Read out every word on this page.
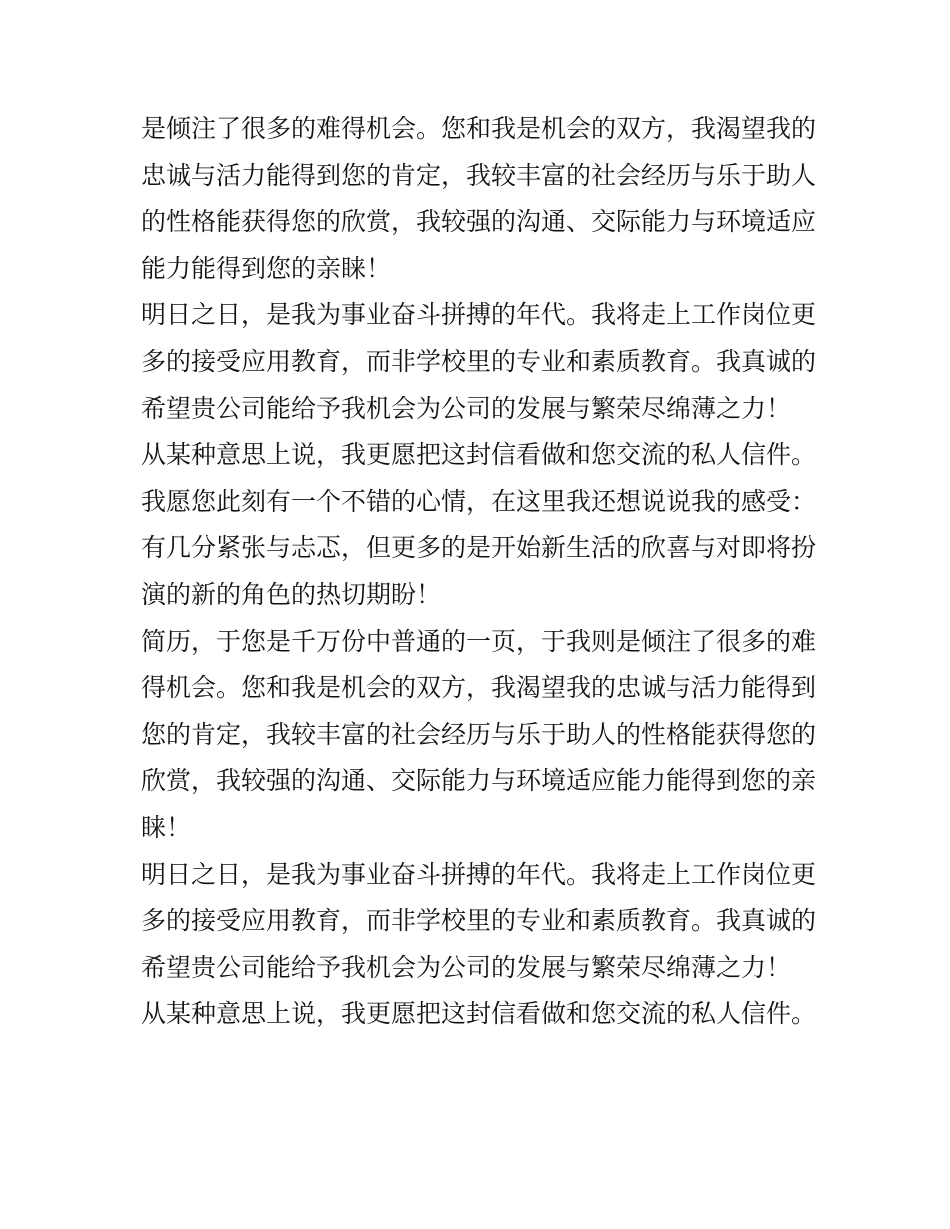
是倾注了很多的难得机会。您和我是机会的双方，我渴望我的
忠诚与活力能得到您的肯定，我较丰富的社会经历与乐于助人
的性格能获得您的欣赏，我较强的沟通、交际能力与环境适应
能力能得到您的亲睐！
明日之日，是我为事业奋斗拼搏的年代。我将走上工作岗位更
多的接受应用教育，而非学校里的专业和素质教育。我真诚的
希望贵公司能给予我机会为公司的发展与繁荣尽绵薄之力！
从某种意思上说，我更愿把这封信看做和您交流的私人信件。
我愿您此刻有一个不错的心情，在这里我还想说说我的感受：
有几分紧张与忐忑，但更多的是开始新生活的欣喜与对即将扮
演的新的角色的热切期盼！
简历，于您是千万份中普通的一页，于我则是倾注了很多的难
得机会。您和我是机会的双方，我渴望我的忠诚与活力能得到
您的肯定，我较丰富的社会经历与乐于助人的性格能获得您的
欣赏，我较强的沟通、交际能力与环境适应能力能得到您的亲
睐！
明日之日，是我为事业奋斗拼搏的年代。我将走上工作岗位更
多的接受应用教育，而非学校里的专业和素质教育。我真诚的
希望贵公司能给予我机会为公司的发展与繁荣尽绵薄之力！
从某种意思上说，我更愿把这封信看做和您交流的私人信件。
